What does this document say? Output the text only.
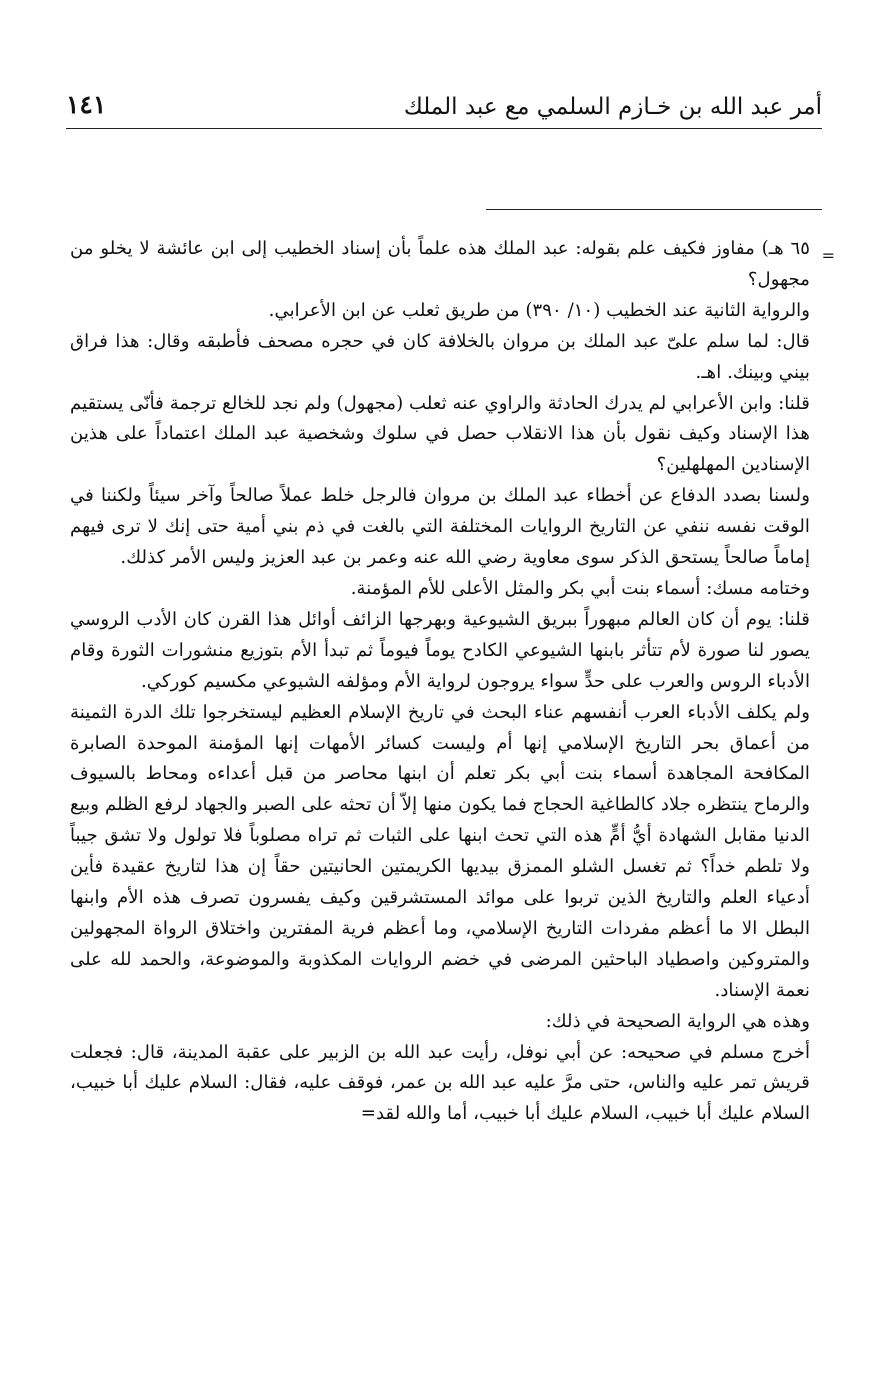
أمر عبد الله بن خـازم السلمي مع عبد الملك
١٤١
=

٦٥ هـ) مفاوز فكيف علم بقوله: عبد الملك هذه علماً بأن إسناد الخطيب إلى ابن عائشة لا يخلو من مجهول؟

والرواية الثانية عند الخطيب (١٠/ ٣٩٠) من طريق ثعلب عن ابن الأعرابي.

قال: لما سلم علىّ عبد الملك بن مروان بالخلافة كان في حجره مصحف فأطبقه وقال: هذا فراق بيني وبينك. اهـ.

قلنا: وابن الأعرابي لم يدرك الحادثة والراوي عنه ثعلب (مجهول) ولم نجد للخالع ترجمة فأنّى يستقيم هذا الإسناد وكيف نقول بأن هذا الانقلاب حصل في سلوك وشخصية عبد الملك اعتماداً على هذين الإسنادين المهلهلين؟

ولسنا بصدد الدفاع عن أخطاء عبد الملك بن مروان فالرجل خلط عملاً صالحاً وآخر سيئاً ولكننا في الوقت نفسه ننفي عن التاريخ الروايات المختلفة التي بالغت في ذم بني أمية حتى إنك لا ترى فيهم إماماً صالحاً يستحق الذكر سوى معاوية رضي الله عنه وعمر بن عبد العزيز وليس الأمر كذلك.

وختامه مسك: أسماء بنت أبي بكر والمثل الأعلى للأم المؤمنة.

قلنا: يوم أن كان العالم مبهوراً ببريق الشيوعية وبهرجها الزائف أوائل هذا القرن كان الأدب الروسي يصور لنا صورة لأم تتأثر بابنها الشيوعي الكادح يوماً فيوماً ثم تبدأ الأم بتوزيع منشورات الثورة وقام الأدباء الروس والعرب على حدٍّ سواء يروجون لرواية الأم ومؤلفه الشيوعي مكسيم كوركي.

ولم يكلف الأدباء العرب أنفسهم عناء البحث في تاريخ الإسلام العظيم ليستخرجوا تلك الدرة الثمينة من أعماق بحر التاريخ الإسلامي إنها أم وليست كسائر الأمهات إنها المؤمنة الموحدة الصابرة المكافحة المجاهدة أسماء بنت أبي بكر تعلم أن ابنها محاصر من قبل أعداءه ومحاط بالسيوف والرماح ينتظره جلاد كالطاغية الحجاج فما يكون منها إلاّ أن تحثه على الصبر والجهاد لرفع الظلم وبيع الدنيا مقابل الشهادة أيُّ أمٍّ هذه التي تحث ابنها على الثبات ثم تراه مصلوباً فلا تولول ولا تشق جيباً ولا تلطم خداً؟ ثم تغسل الشلو الممزق بيديها الكريمتين الحانيتين حقاً إن هذا لتاريخ عقيدة فأين أدعياء العلم والتاريخ الذين تربوا على موائد المستشرقين وكيف يفسرون تصرف هذه الأم وابنها البطل الا ما أعظم مفردات التاريخ الإسلامي، وما أعظم فرية المفترين واختلاق الرواة المجهولين والمتروكين واصطياد الباحثين المرضى في خضم الروايات المكذوبة والموضوعة، والحمد لله على نعمة الإسناد.

وهذه هي الرواية الصحيحة في ذلك:

أخرج مسلم في صحيحه: عن أبي نوفل، رأيت عبد الله بن الزبير على عقبة المدينة، قال: فجعلت قريش تمر عليه والناس، حتى مرَّ عليه عبد الله بن عمر، فوقف عليه، فقال: السلام عليك أبا خبيب، السلام عليك أبا خبيب، السلام عليك أبا خبيب، أما والله لقد=
